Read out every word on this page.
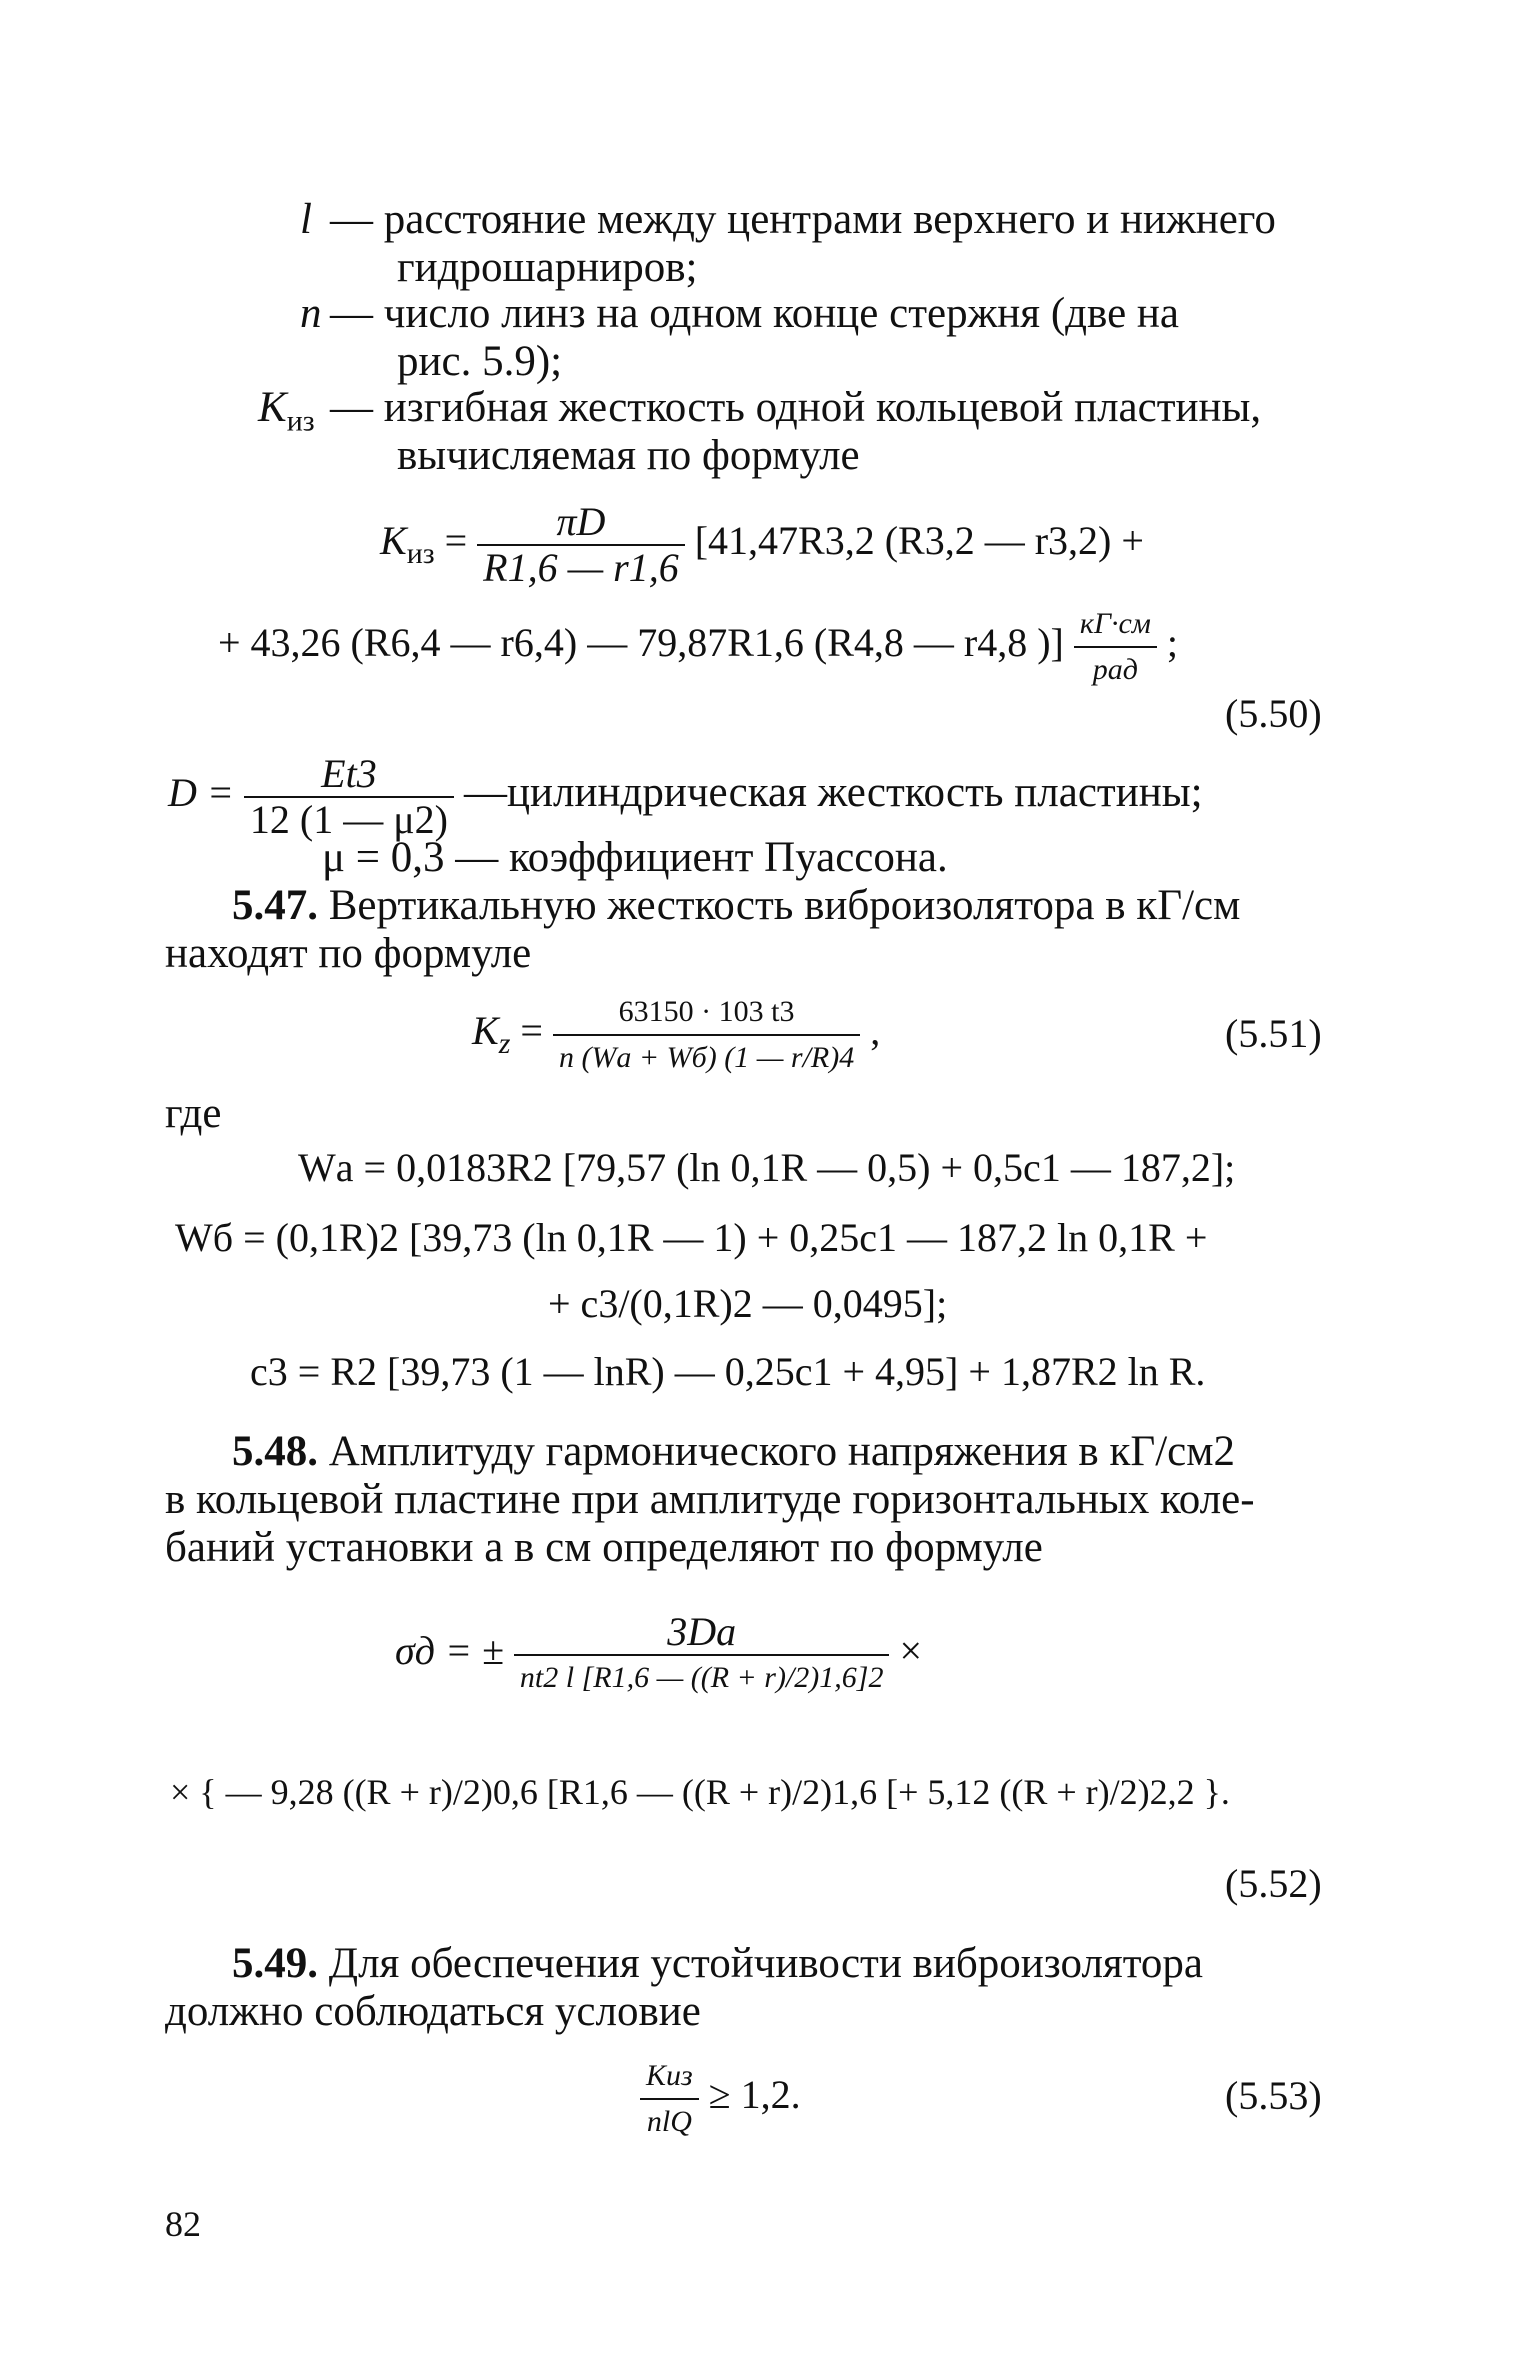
l — расстояние между центрами верхнего и нижнего
гидрошарниров;
n — число линз на одном конце стержня (две на
рис. 5.9);
$K_{из}$ — изгибная жесткость одной кольцевой пластины,
вычисляемая по формуле
$K_{из} = \frac{\pi D}{R1,6 — r1,6} [41,47R3,2$ (R3,2 — r3,2) +
+ 43,26 (R6,4 — r6,4) — 79,87R1,6 (R4,8 — r4,8 )] $\frac{кГ\cdot см}{\text{рад}}$ ;
(5.50)
$D = \frac{Et3}{12 (1 — \mu 2)}$ —цилиндрическая жесткость пластины;
μ = 0,3 — коэффициент Пуассона.
5.47. Вертикальную жесткость виброизолятора в кГ/см
находят по формуле
$K_z = \frac{63150 \cdot 103 t3}{n (Wа + Wб) (1 — r/R)4}$ ,	(5.51)
где
Wа = 0,0183R2 [79,57 (ln 0,1R — 0,5) + 0,5c1 — 187,2];
Wб = (0,1R)2 [39,73 (ln 0,1R — 1) + 0,25c1 — 187,2 ln 0,1R +
+ c3/(0,1R)2 — 0,0495];
c3 = R2 [39,73 (1 — lnR) — 0,25c1 + 4,95] + 1,87R2 ln R.
5.48. Амплитуду гармонического напряжения в кГ/см2
в кольцевой пластине при амплитуде горизонтальных коле-
баний установки а в см определяют по формуле
σд = ± $\frac{3Da}{nt2 l [R1,6 — ((R + r)/2)1,6]2}$ ×
× { — 9,28 ((R + r)/2)0,6 [R1,6 — ((R + r)/2)1,6 [+ 5,12 ((R + r)/2)2,2 }.
(5.52)
5.49. Для обеспечения устойчивости виброизолятора
должно соблюдаться условие
$\frac{\text{Kиз}}{\text{nlQ}} \ge 1,2$.	(5.53)
82
